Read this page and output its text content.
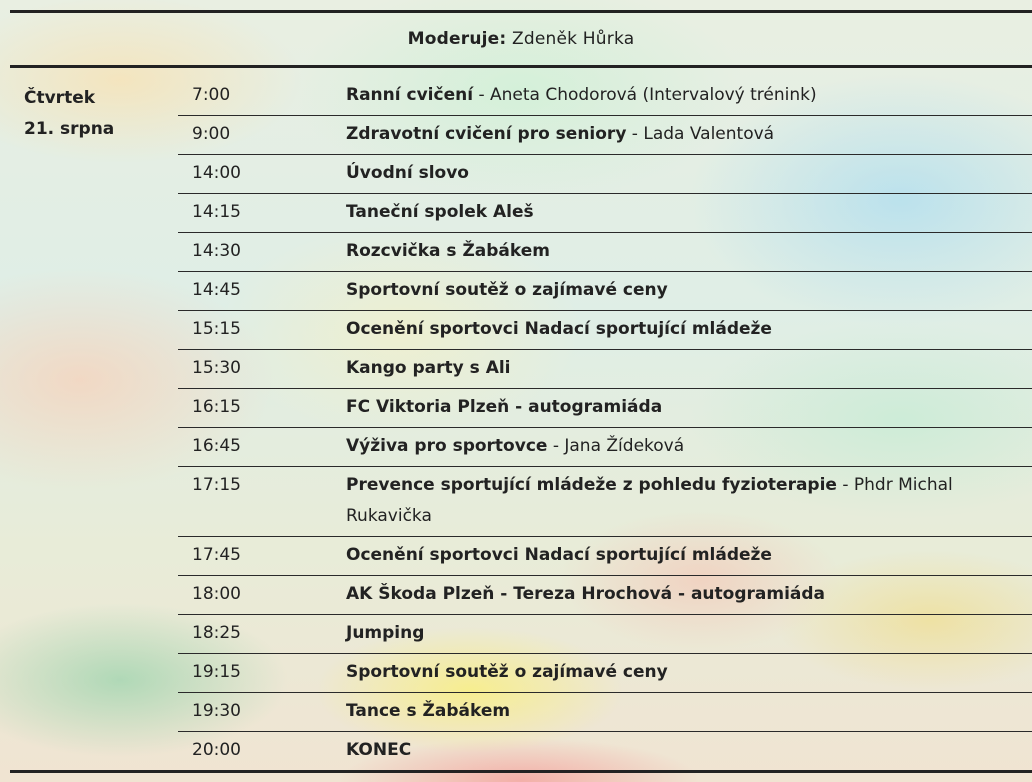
Moderuje:
Zdeněk Hůrka
Čtvrtek
21. srpna
7:00	Ranní cvičení - Aneta Chodorová (Intervalový trénink)
9:00	Zdravotní cvičení pro seniory - Lada Valentová
14:00	Úvodní slovo
14:15	Taneční spolek Aleš
14:30	Rozcvička s Žabákem
14:45	Sportovní soutěž o zajímavé ceny
15:15	Ocenění sportovci Nadací sportující mládeže
15:30	Kango party s Ali
16:15	FC Viktoria Plzeň - autogramiáda
16:45	Výživa pro sportovce - Jana Žídeková
17:15	Prevence sportující mládeže z pohledu fyzioterapie - Phdr Michal Rukavička
17:45	Ocenění sportovci Nadací sportující mládeže
18:00	AK Škoda Plzeň - Tereza Hrochová - autogramiáda
18:25	Jumping
19:15	Sportovní soutěž o zajímavé ceny
19:30	Tance s Žabákem
20:00	KONEC
